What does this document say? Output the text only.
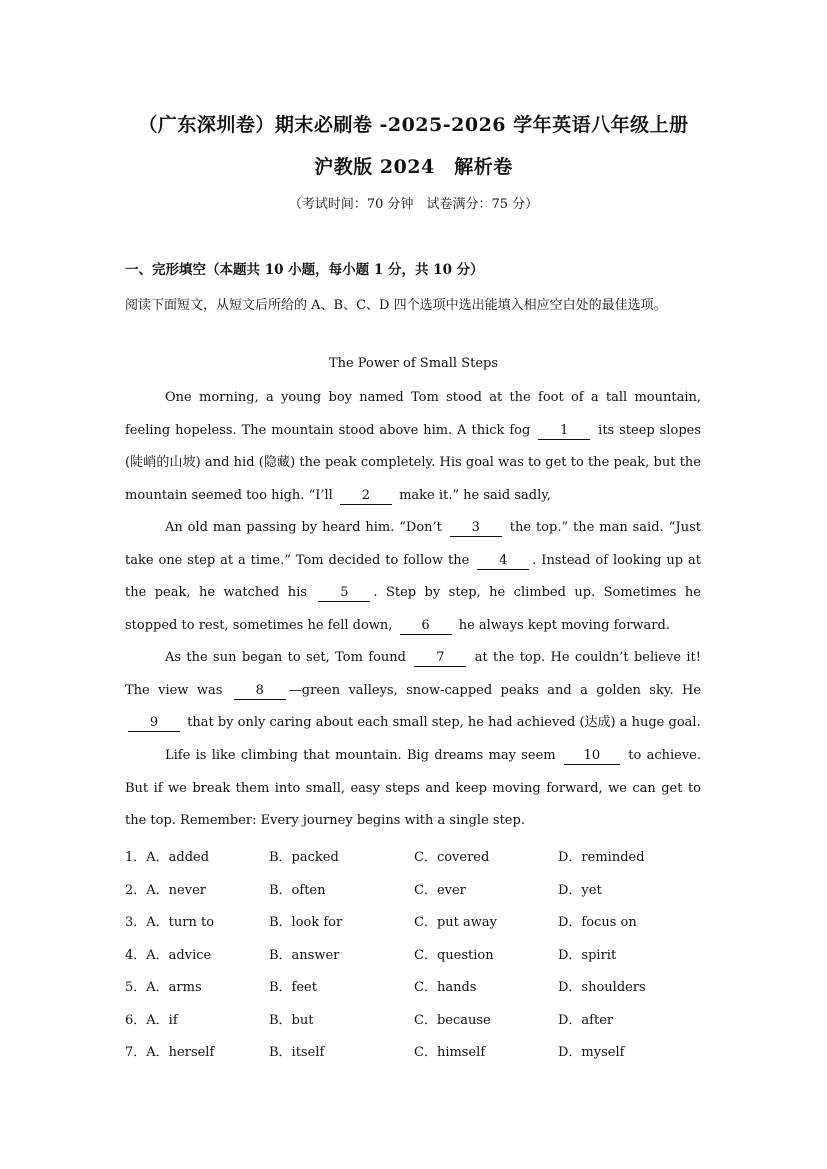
（广东深圳卷）期末必刷卷 -2025-2026 学年英语八年级上册
沪教版 2024　解析卷
（考试时间：70 分钟　试卷满分：75 分）
一、完形填空（本题共 10 小题，每小题 1 分，共 10 分）
阅读下面短文，从短文后所给的 A、B、C、D 四个选项中选出能填入相应空白处的最佳选项。
The Power of Small Steps
One morning, a young boy named Tom stood at the foot of a tall mountain, feeling hopeless. The mountain stood above him. A thick fog 1 its steep slopes (陡峭的山坡) and hid (隐藏) the peak completely. His goal was to get to the peak, but the mountain seemed too high. “I’ll 2 make it.” he said sadly,
An old man passing by heard him. “Don’t 3 the top.” the man said. “Just take one step at a time.” Tom decided to follow the 4 . Instead of looking up at the peak, he watched his	5 . Step by step, he climbed up. Sometimes he stopped to rest, sometimes he fell down, 6 he always kept moving forward.
As the sun began to set, Tom found 7 at the top. He couldn’t believe it! The view was	8 —green valleys, snow-capped peaks and a golden sky. He 9 that by only caring about each small step, he had achieved (达成) a huge goal.
Life is like climbing that mountain. Big dreams may seem 10 to achieve. But if we break them into small, easy steps and keep moving forward, we can get to the top. Remember: Every journey begins with a single step.
1．A．added	B．packed	C．covered	D．reminded
2．A．never	B．often	C．ever	D．yet
3．A．turn to	B．look for	C．put away	D．focus on
4．A．advice	B．answer	C．question	D．spirit
5．A．arms	B．feet	C．hands	D．shoulders
6．A．if	B．but	C．because	D．after
7．A．herself	B．itself	C．himself	D．myself
